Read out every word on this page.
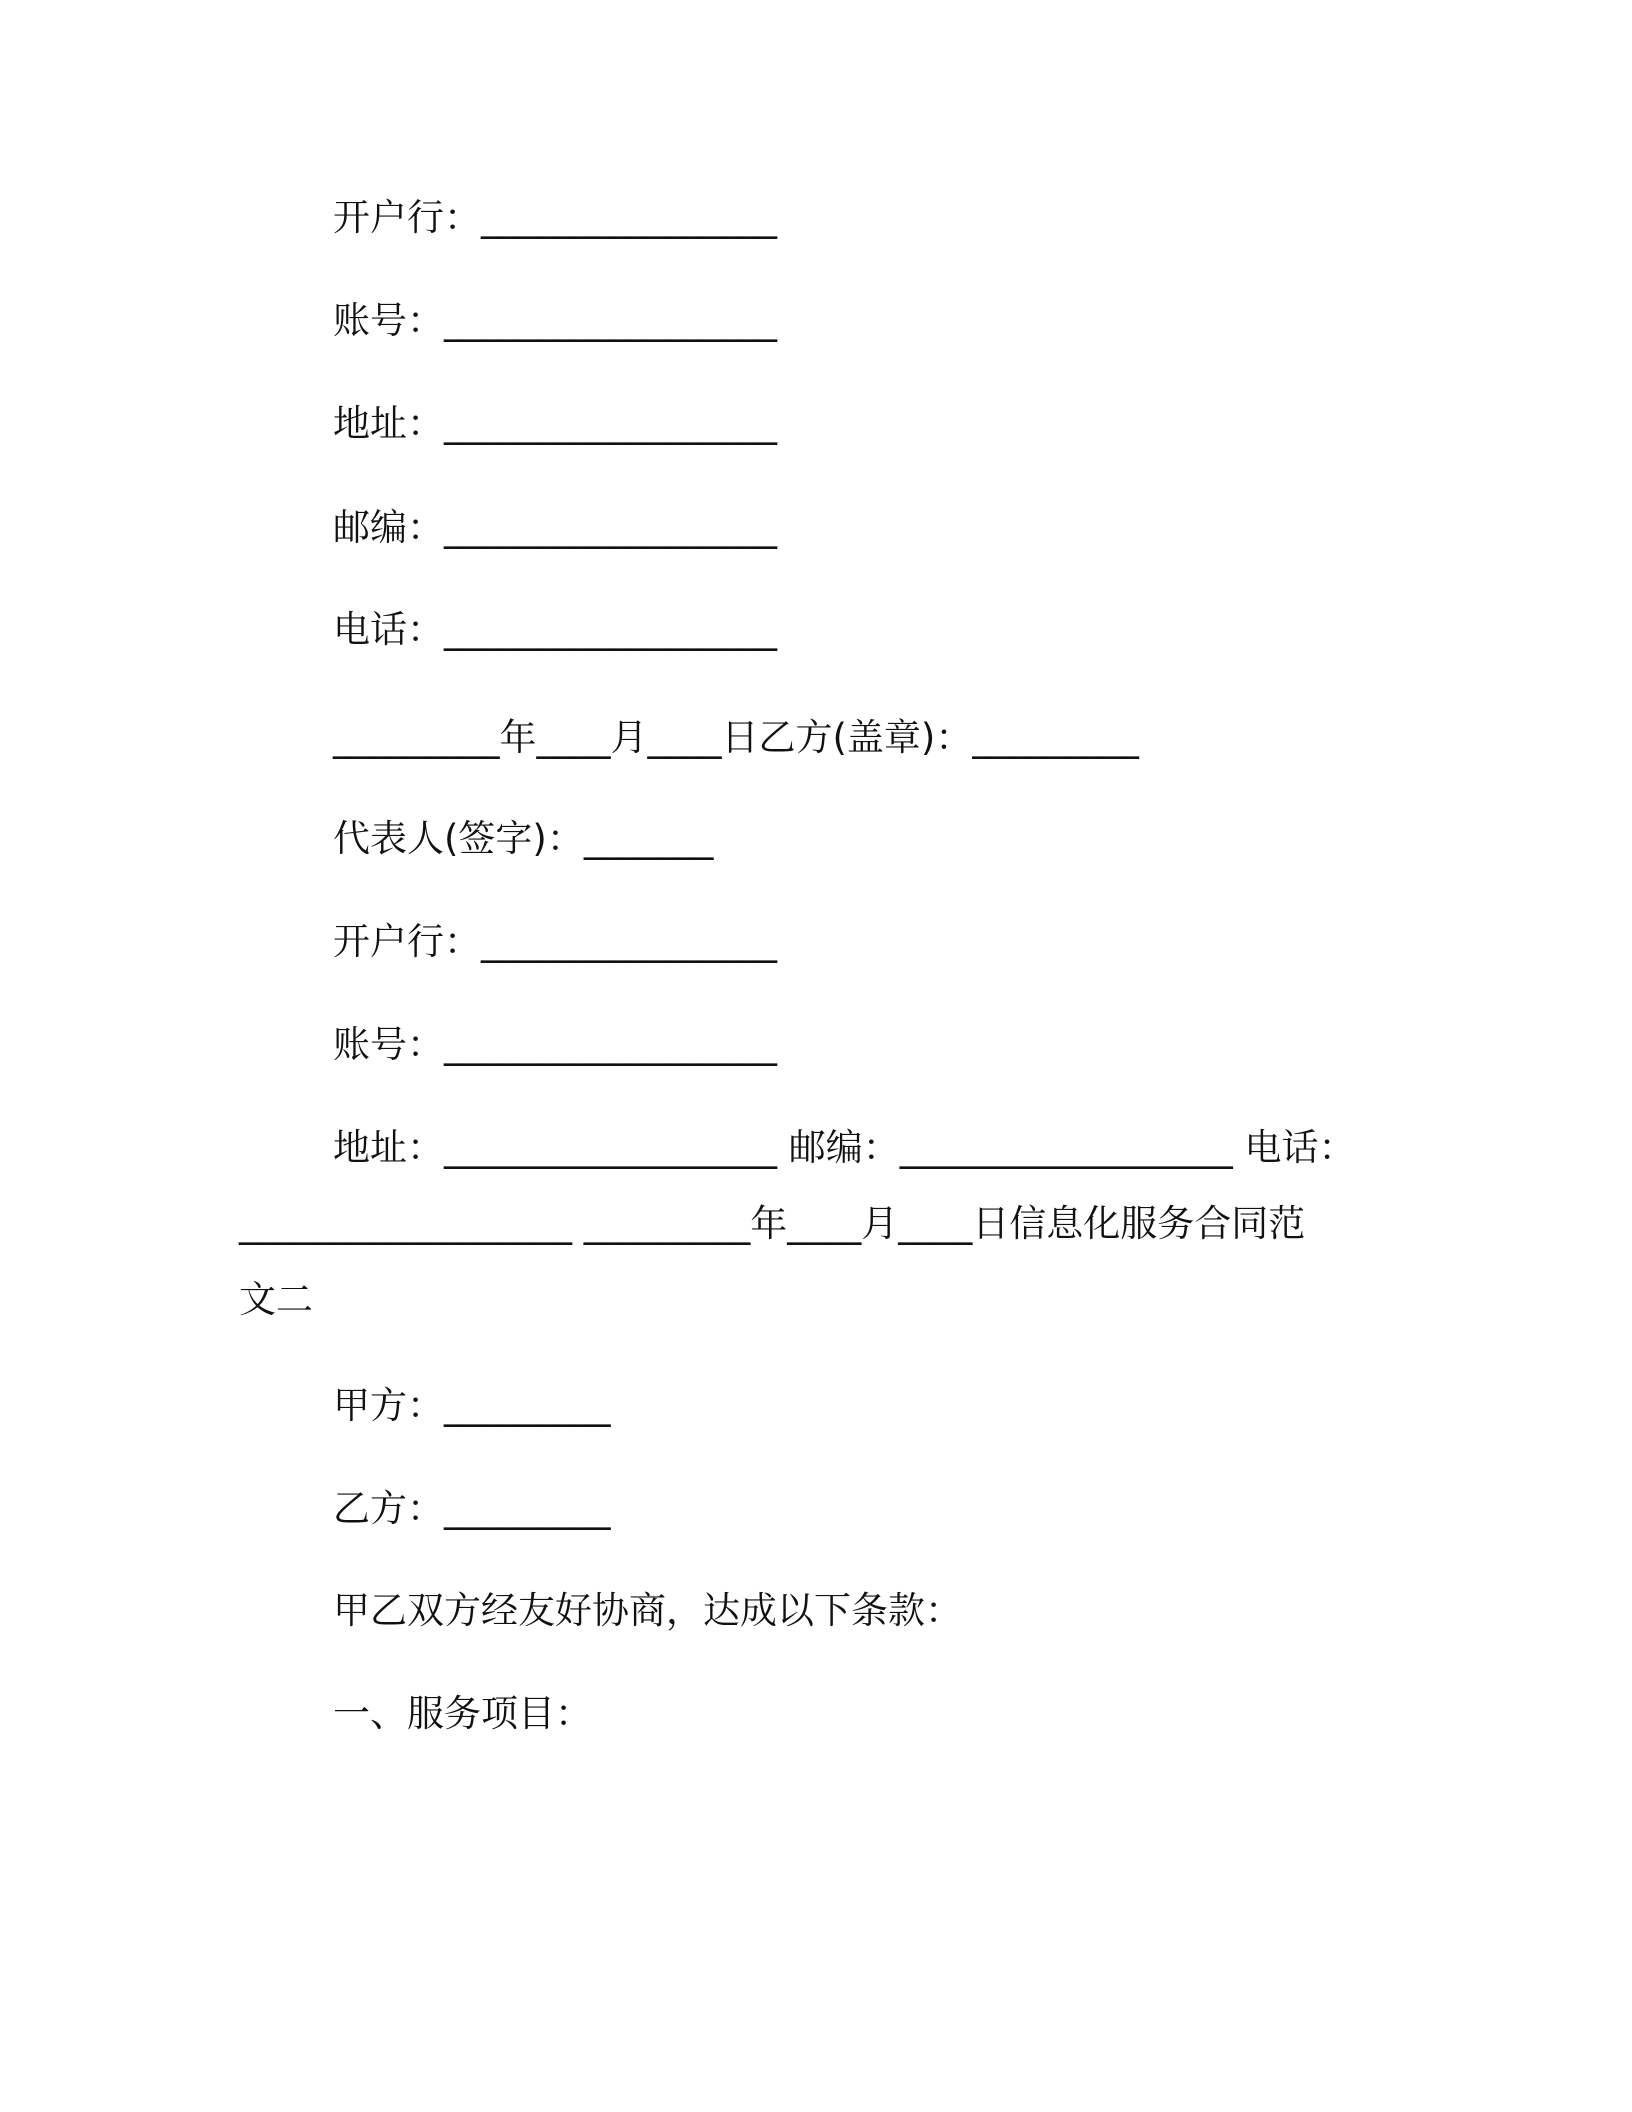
开户行：________________
账号：__________________
地址：__________________
邮编：__________________
电话：__________________
_________年____月____日乙方(盖章)：_________
代表人(签字)：_______
开户行：________________
账号：__________________
地址：__________________ 邮编：__________________ 电话：
__________________ _________年____月____日信息化服务合同范
文二
甲方：_________
乙方：_________
甲乙双方经友好协商，达成以下条款：
一、服务项目：
